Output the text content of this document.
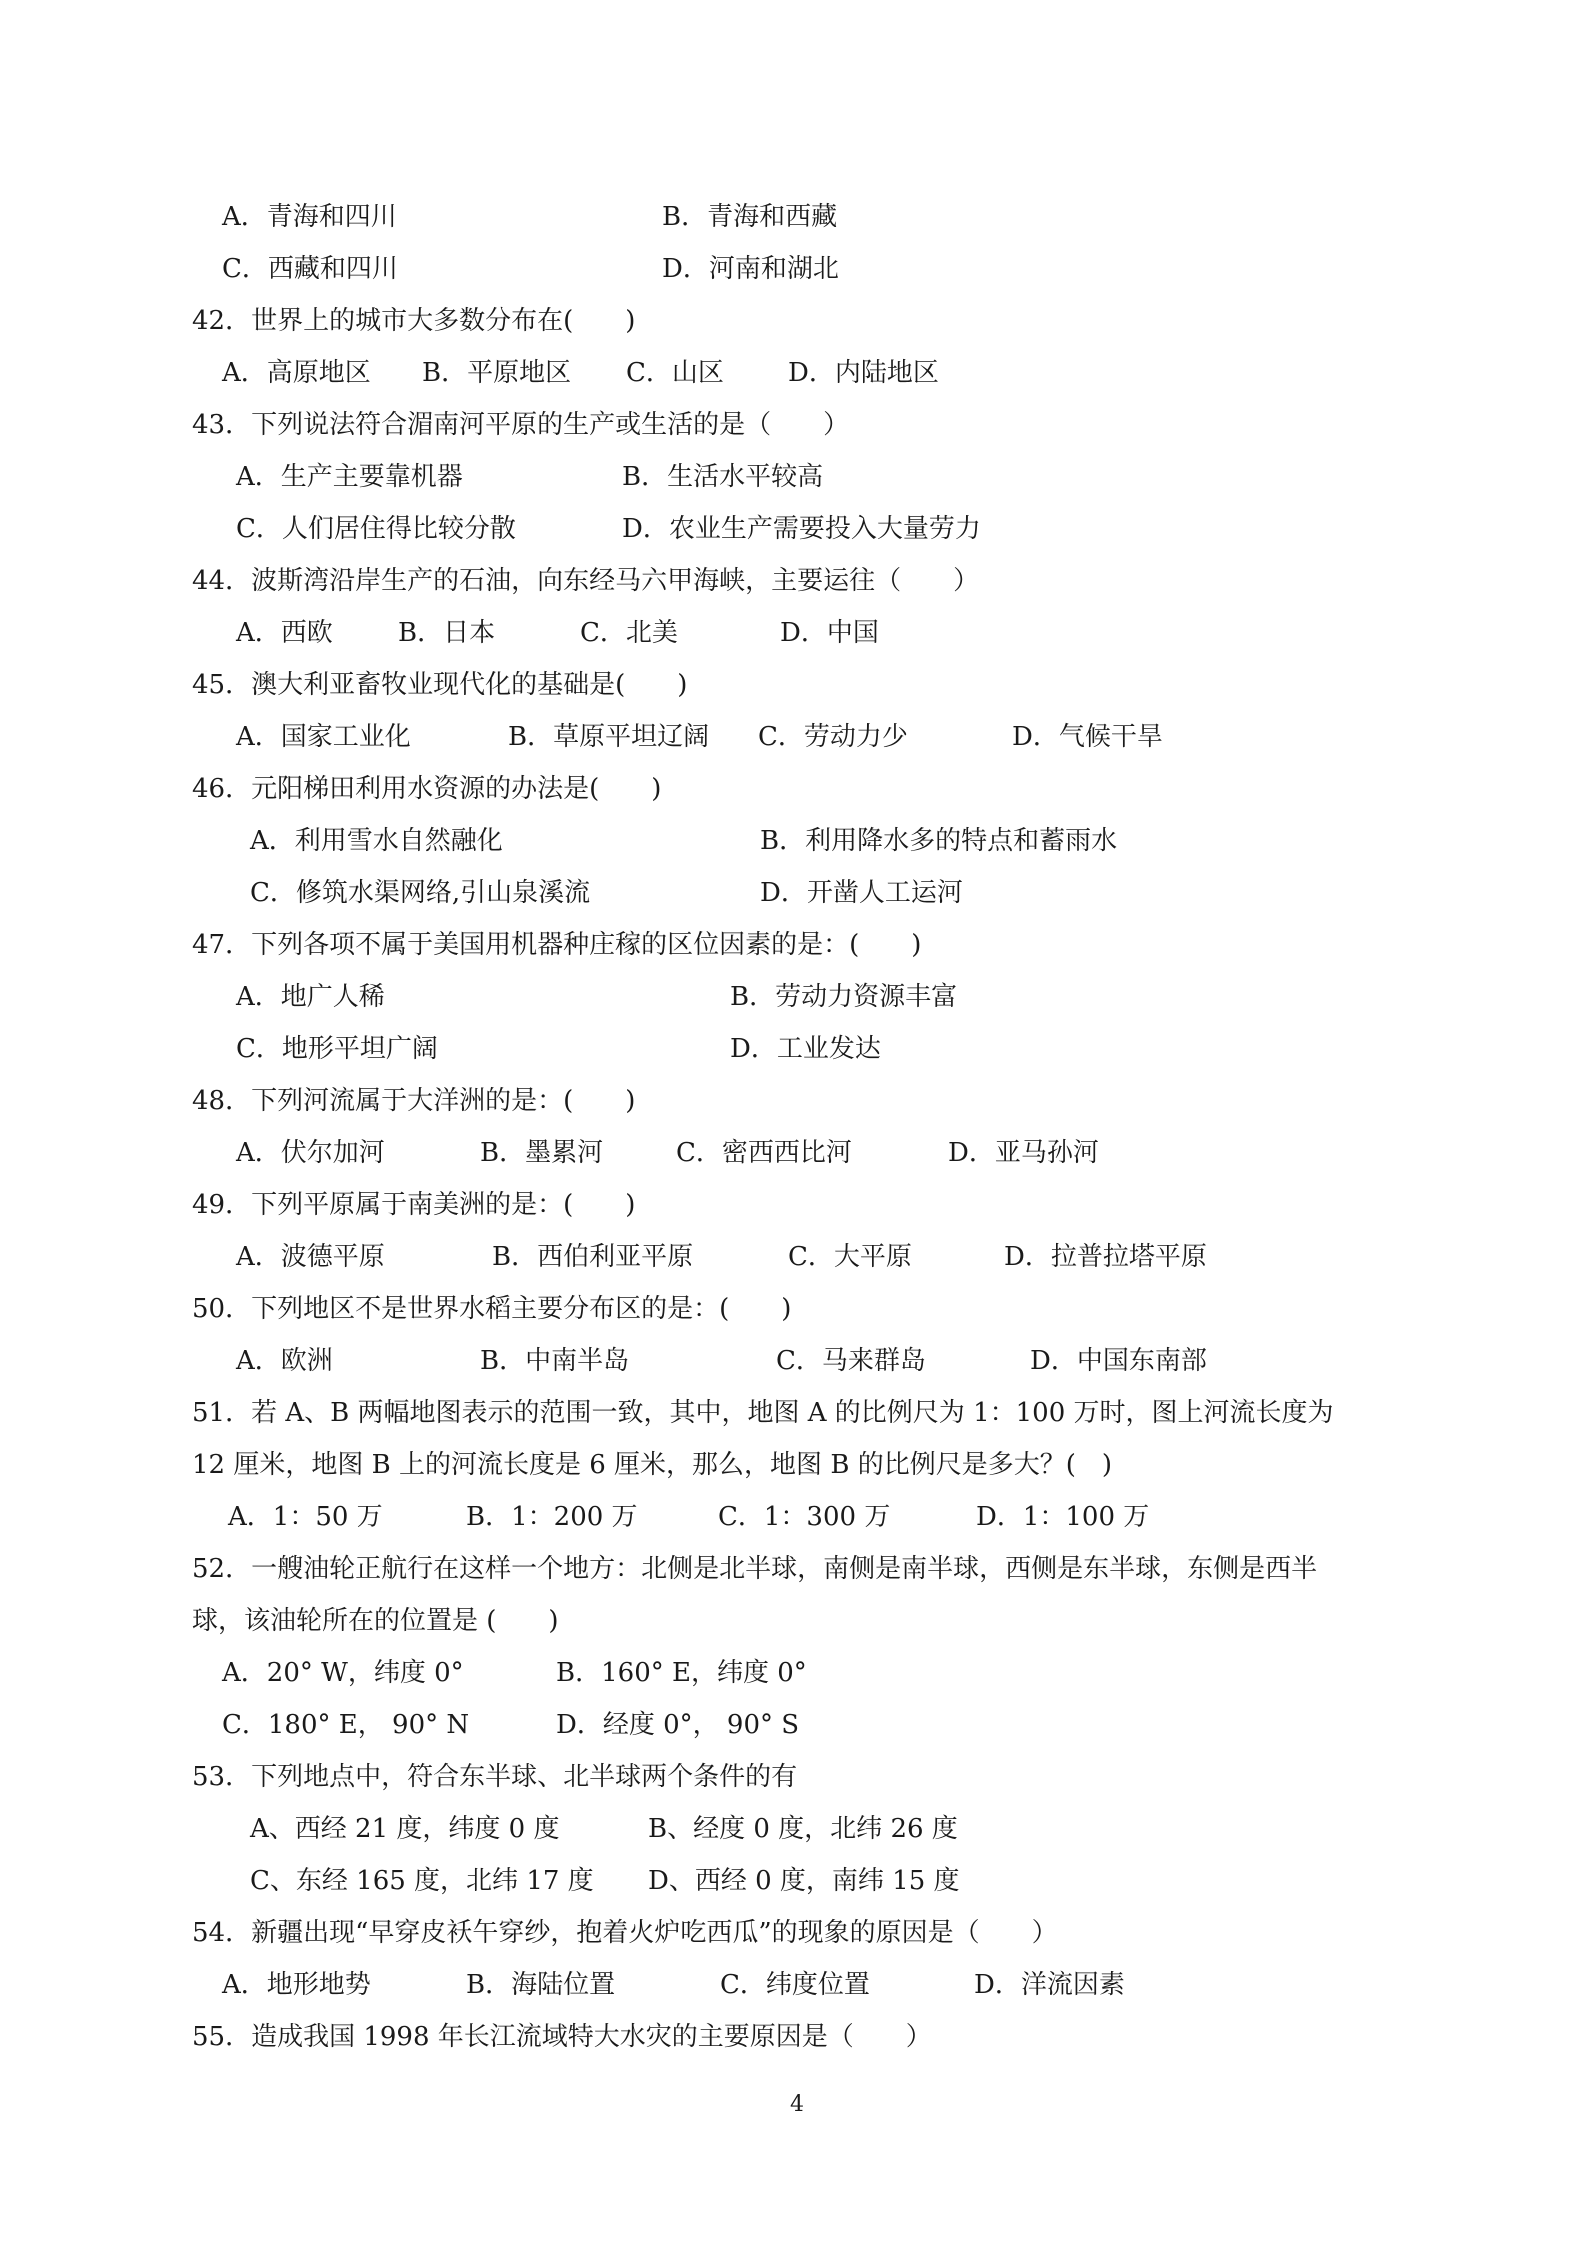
A．青海和四川	B．青海和西藏
C．西藏和四川	D．河南和湖北
42．世界上的城市大多数分布在(　　)
A．高原地区 B．平原地区 C．山区 D．内陆地区
43．下列说法符合湄南河平原的生产或生活的是（　　）
A．生产主要靠机器	B．生活水平较高
C．人们居住得比较分散	D．农业生产需要投入大量劳力
44．波斯湾沿岸生产的石油，向东经马六甲海峡，主要运往（　　）
A．西欧	B．日本	C．北美	D．中国
45．澳大利亚畜牧业现代化的基础是(　　)
A．国家工业化	B．草原平坦辽阔 C．劳动力少	D．气候干旱
46．元阳梯田利用水资源的办法是(　　)
A．利用雪水自然融化	B．利用降水多的特点和蓄雨水
C．修筑水渠网络,引山泉溪流	D．开凿人工运河
47．下列各项不属于美国用机器种庄稼的区位因素的是：(　　)
A．地广人稀	B．劳动力资源丰富
C．地形平坦广阔	D．工业发达
48．下列河流属于大洋洲的是：(　　)
A．伏尔加河	B．墨累河	C．密西西比河	D．亚马孙河
49．下列平原属于南美洲的是：(　　)
A．波德平原	B．西伯利亚平原	C．大平原	D．拉普拉塔平原
50．下列地区不是世界水稻主要分布区的是：(　　)
A．欧洲	B．中南半岛	C．马来群岛	D．中国东南部
51．若 A、B 两幅地图表示的范围一致，其中，地图 A 的比例尺为 1：100 万时，图上河流长度为
12 厘米，地图 B 上的河流长度是 6 厘米，那么，地图 B 的比例尺是多大？(　)
A．1：50 万	B．1：200 万	C．1：300 万	D．1：100 万
52．一艘油轮正航行在这样一个地方：北侧是北半球，南侧是南半球，西侧是东半球，东侧是西半
球，该油轮所在的位置是 (　　)
A．20° W，纬度 0°	B．160° E，纬度 0°
C．180° E， 90° N	D．经度 0°， 90° S
53．下列地点中，符合东半球、北半球两个条件的有
A、西经 21 度，纬度 0 度	B、经度 0 度，北纬 26 度
C、东经 165 度，北纬 17 度 D、西经 0 度，南纬 15 度
54．新疆出现“早穿皮袄午穿纱，抱着火炉吃西瓜”的现象的原因是（　　）
A．地形地势	B．海陆位置	C．纬度位置	D．洋流因素
55．造成我国 1998 年长江流域特大水灾的主要原因是（　　）
4
